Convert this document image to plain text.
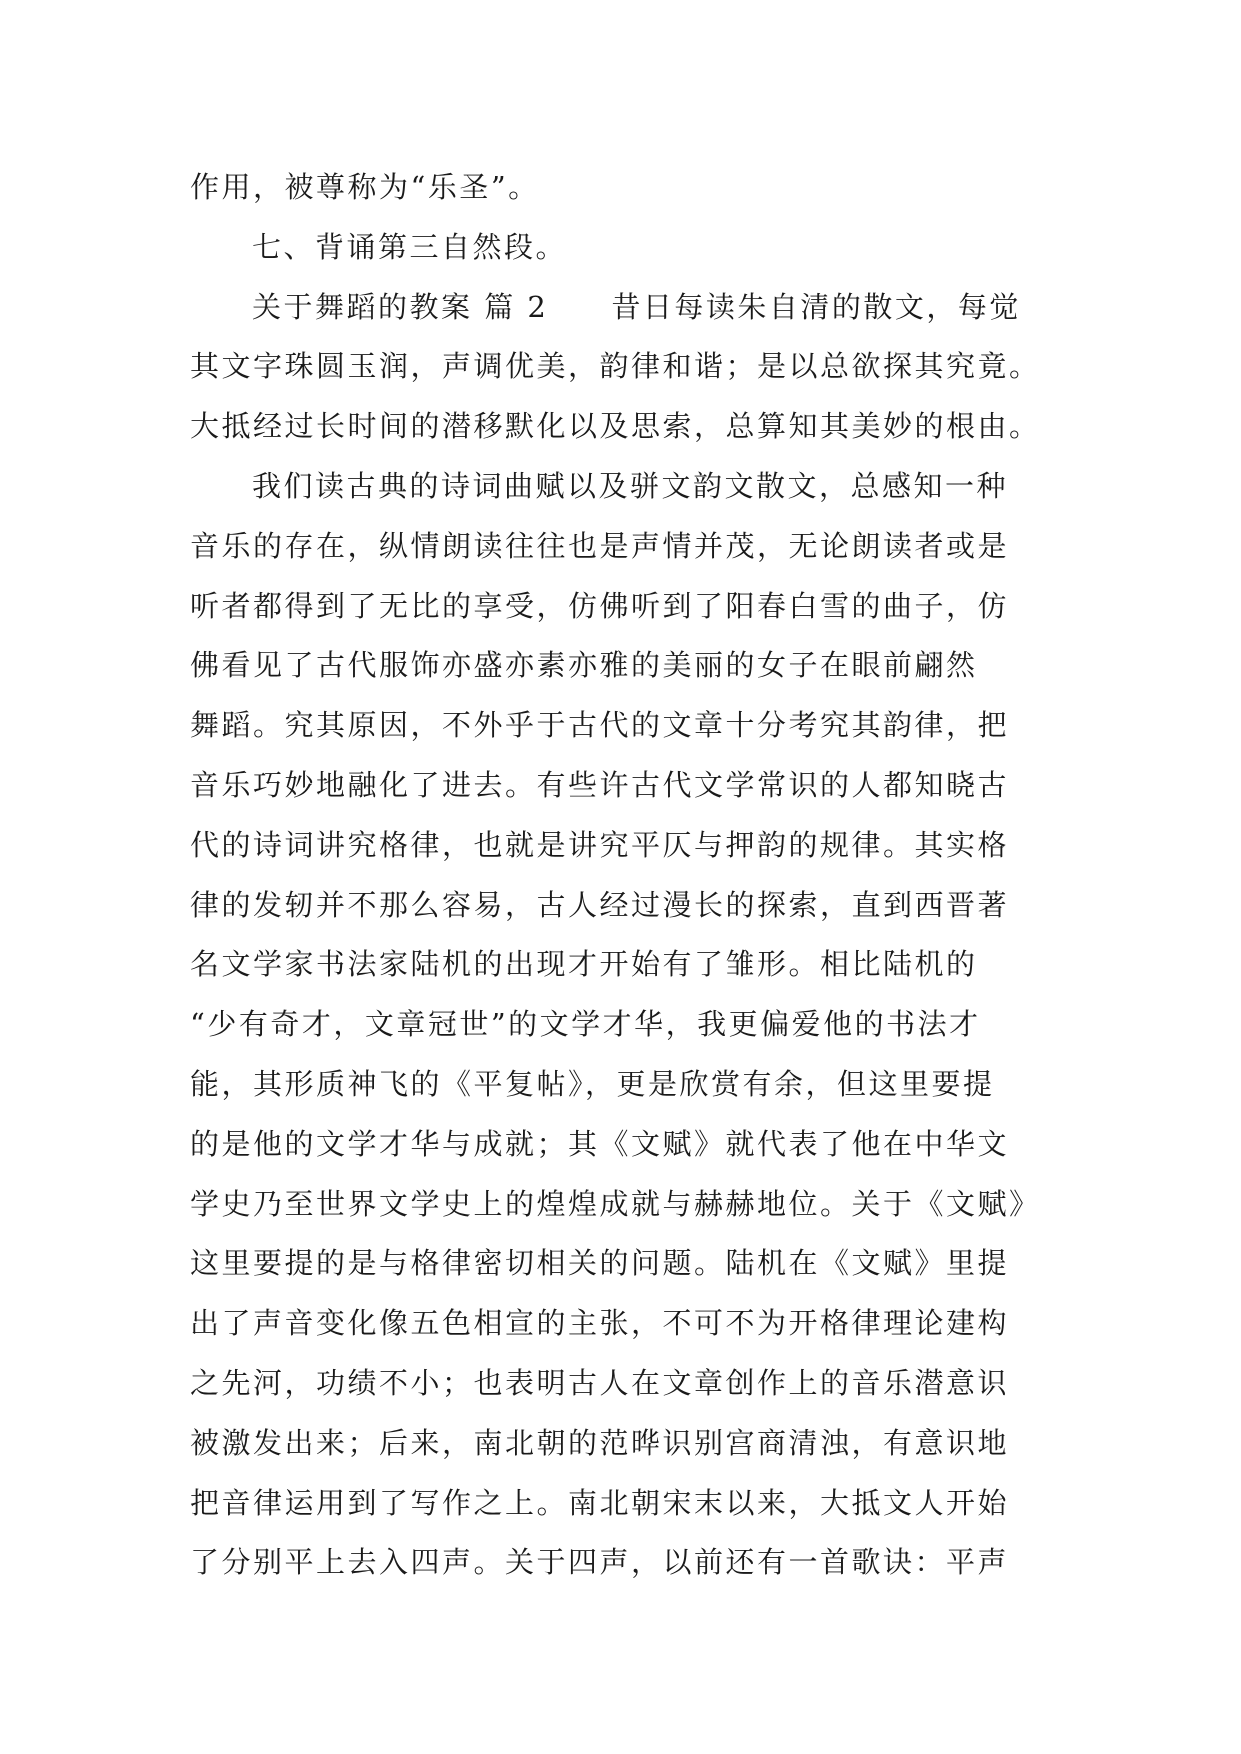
作用，被尊称为“乐圣”。
七、背诵第三自然段。
关于舞蹈的教案 篇 2　　昔日每读朱自清的散文，每觉
其文字珠圆玉润，声调优美，韵律和谐；是以总欲探其究竟。
大抵经过长时间的潜移默化以及思索，总算知其美妙的根由。
我们读古典的诗词曲赋以及骈文韵文散文，总感知一种
音乐的存在，纵情朗读往往也是声情并茂，无论朗读者或是
听者都得到了无比的享受，仿佛听到了阳春白雪的曲子，仿
佛看见了古代服饰亦盛亦素亦雅的美丽的女子在眼前翩然
舞蹈。究其原因，不外乎于古代的文章十分考究其韵律，把
音乐巧妙地融化了进去。有些许古代文学常识的人都知晓古
代的诗词讲究格律，也就是讲究平仄与押韵的规律。其实格
律的发轫并不那么容易，古人经过漫长的探索，直到西晋著
名文学家书法家陆机的出现才开始有了雏形。相比陆机的
“少有奇才，文章冠世”的文学才华，我更偏爱他的书法才
能，其形质神飞的《平复帖》，更是欣赏有余，但这里要提
的是他的文学才华与成就；其《文赋》就代表了他在中华文
学史乃至世界文学史上的煌煌成就与赫赫地位。关于《文赋》
这里要提的是与格律密切相关的问题。陆机在《文赋》里提
出了声音变化像五色相宣的主张，不可不为开格律理论建构
之先河，功绩不小；也表明古人在文章创作上的音乐潜意识
被激发出来；后来，南北朝的范晔识别宫商清浊，有意识地
把音律运用到了写作之上。南北朝宋末以来，大抵文人开始
了分别平上去入四声。关于四声，以前还有一首歌诀：平声
